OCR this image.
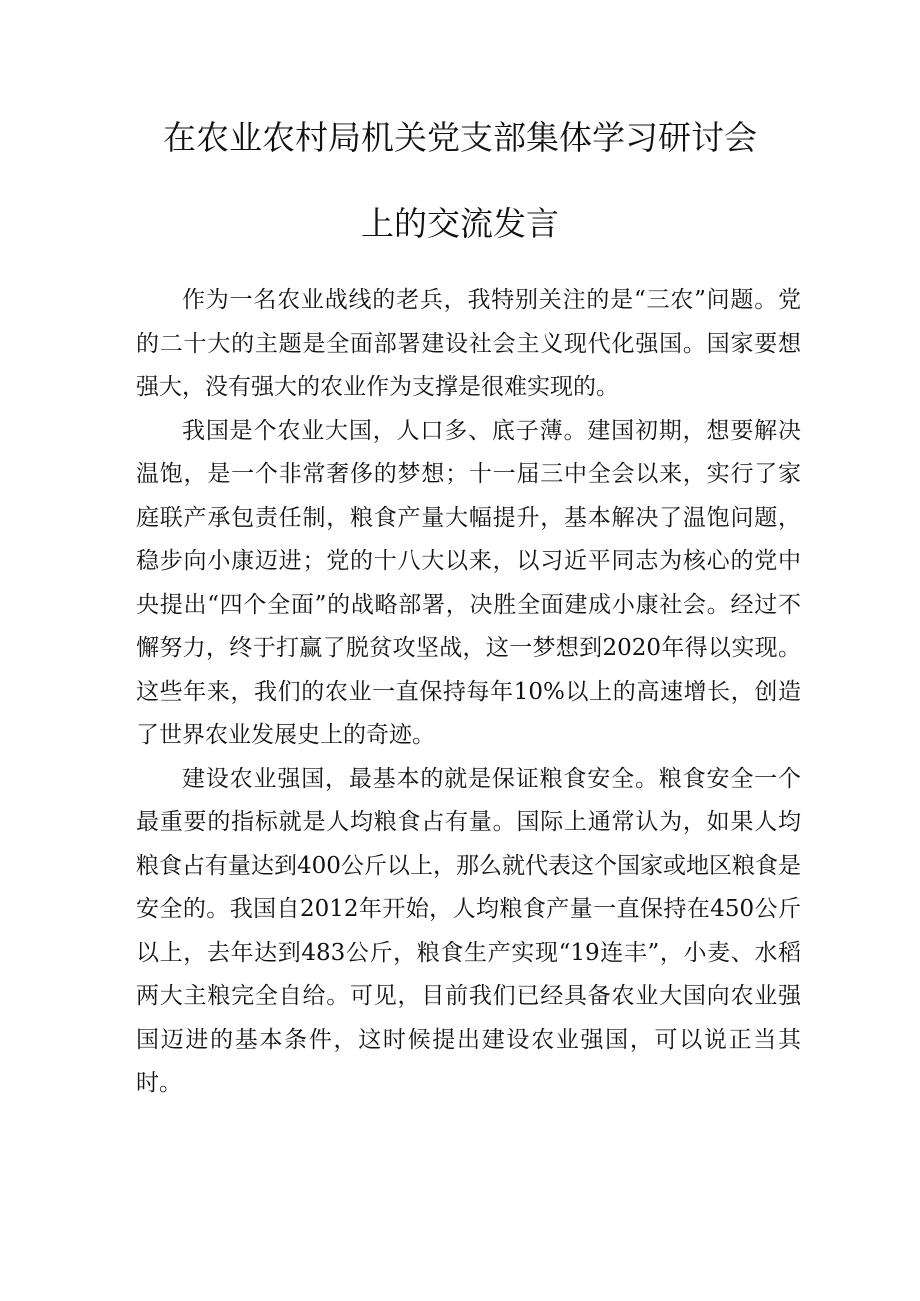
在农业农村局机关党支部集体学习研讨会
上的交流发言

作为一名农业战线的老兵，我特别关注的是“三农”问题。党的二十大的主题是全面部署建设社会主义现代化强国。国家要想强大，没有强大的农业作为支撑是很难实现的。

我国是个农业大国，人口多、底子薄。建国初期，想要解决温饱，是一个非常奢侈的梦想；十一届三中全会以来，实行了家庭联产承包责任制，粮食产量大幅提升，基本解决了温饱问题，稳步向小康迈进；党的十八大以来，以习近平同志为核心的党中央提出“四个全面”的战略部署，决胜全面建成小康社会。经过不懈努力，终于打赢了脱贫攻坚战，这一梦想到2020年得以实现。这些年来，我们的农业一直保持每年10%以上的高速增长，创造了世界农业发展史上的奇迹。

建设农业强国，最基本的就是保证粮食安全。粮食安全一个最重要的指标就是人均粮食占有量。国际上通常认为，如果人均粮食占有量达到400公斤以上，那么就代表这个国家或地区粮食是安全的。我国自2012年开始，人均粮食产量一直保持在450公斤以上，去年达到483公斤，粮食生产实现“19连丰”，小麦、水稻两大主粮完全自给。可见，目前我们已经具备农业大国向农业强国迈进的基本条件，这时候提出建设农业强国，可以说正当其时。
